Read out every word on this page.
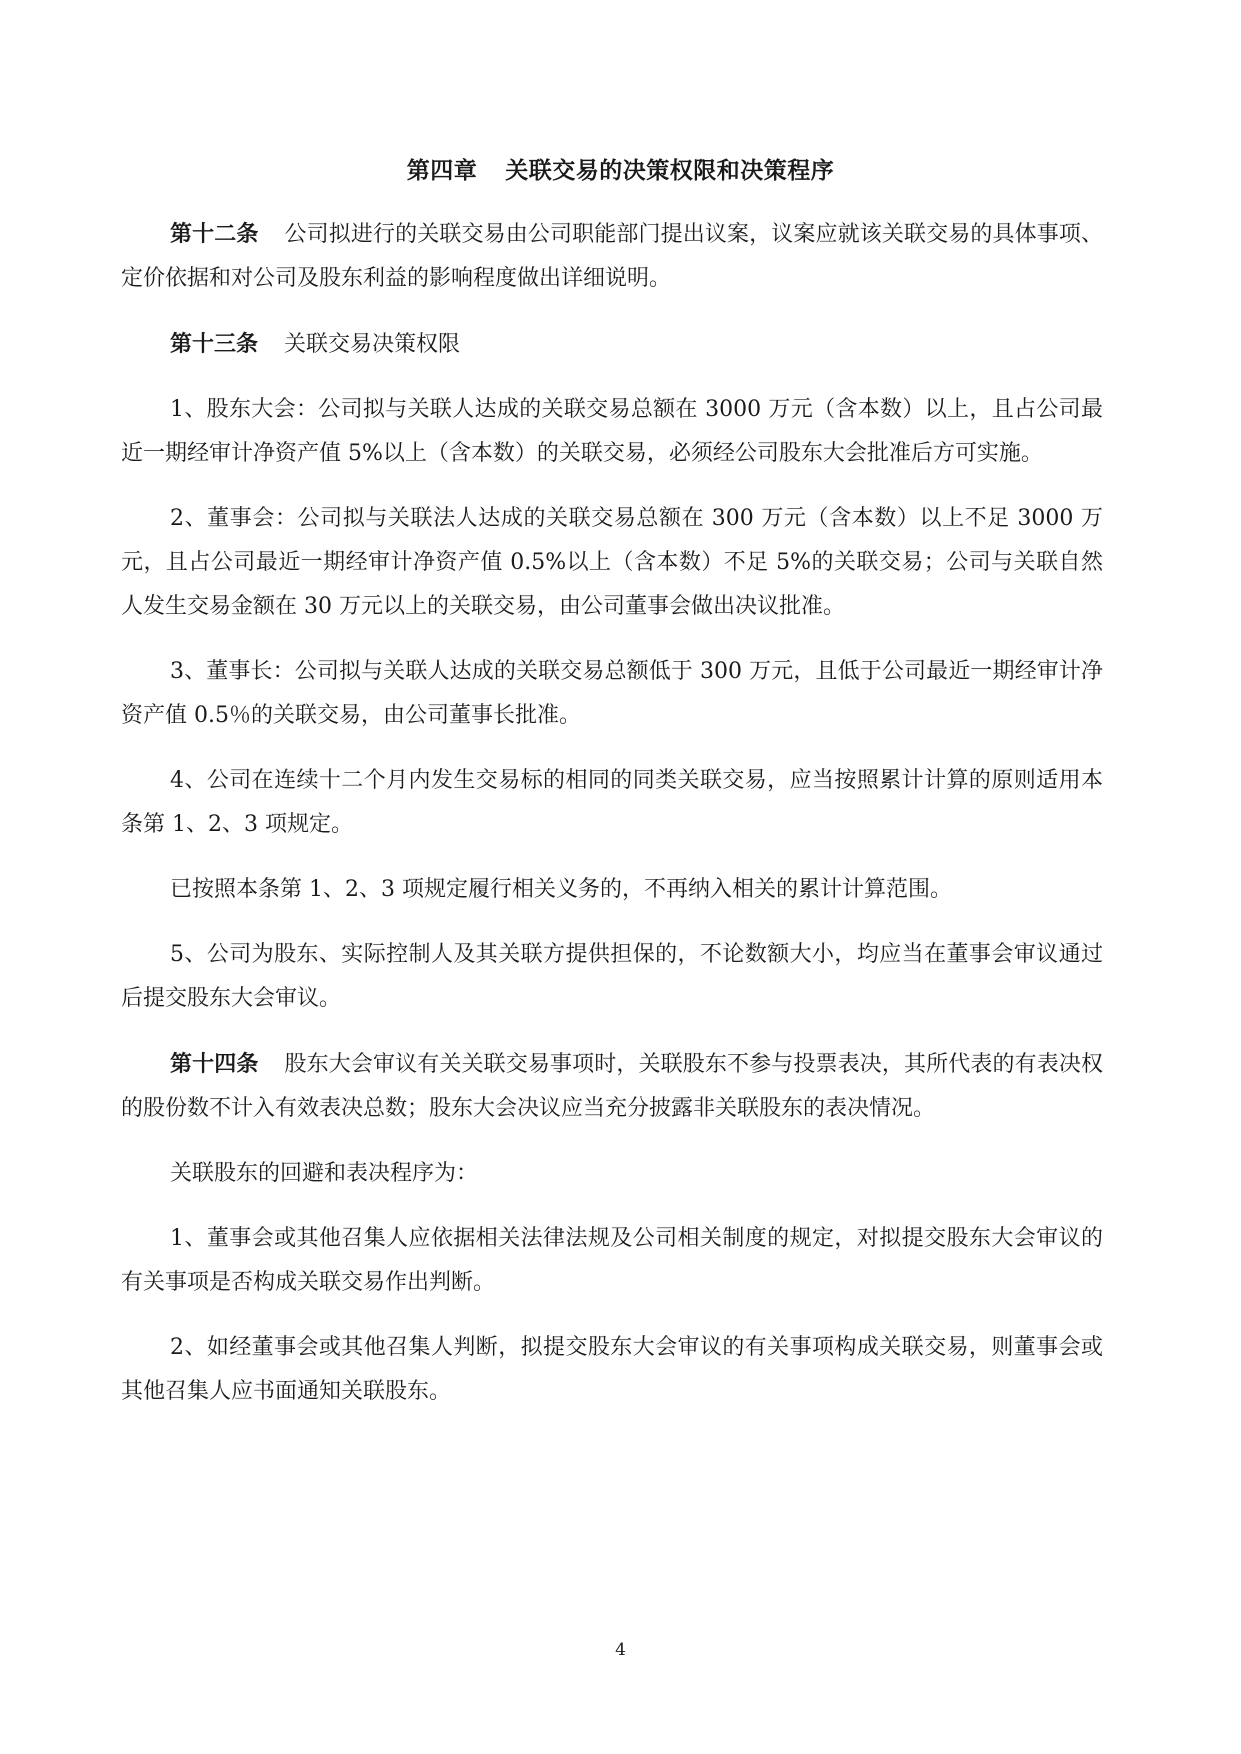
第四章 关联交易的决策权限和决策程序

第十二条 公司拟进行的关联交易由公司职能部门提出议案，议案应就该关联交易的具体事项、定价依据和对公司及股东利益的影响程度做出详细说明。

第十三条 关联交易决策权限

1、股东大会：公司拟与关联人达成的关联交易总额在 3000 万元（含本数）以上，且占公司最近一期经审计净资产值 5%以上（含本数）的关联交易，必须经公司股东大会批准后方可实施。

2、董事会：公司拟与关联法人达成的关联交易总额在 300 万元（含本数）以上不足 3000 万元，且占公司最近一期经审计净资产值 0.5%以上（含本数）不足 5%的关联交易；公司与关联自然人发生交易金额在 30 万元以上的关联交易，由公司董事会做出决议批准。

3、董事长：公司拟与关联人达成的关联交易总额低于 300 万元，且低于公司最近一期经审计净资产值 0.5％的关联交易，由公司董事长批准。

4、公司在连续十二个月内发生交易标的相同的同类关联交易，应当按照累计计算的原则适用本条第 1、2、3 项规定。

已按照本条第 1、2、3 项规定履行相关义务的，不再纳入相关的累计计算范围。

5、公司为股东、实际控制人及其关联方提供担保的，不论数额大小，均应当在董事会审议通过后提交股东大会审议。

第十四条 股东大会审议有关关联交易事项时，关联股东不参与投票表决，其所代表的有表决权的股份数不计入有效表决总数；股东大会决议应当充分披露非关联股东的表决情况。

关联股东的回避和表决程序为：

1、董事会或其他召集人应依据相关法律法规及公司相关制度的规定，对拟提交股东大会审议的有关事项是否构成关联交易作出判断。

2、如经董事会或其他召集人判断，拟提交股东大会审议的有关事项构成关联交易，则董事会或其他召集人应书面通知关联股东。

4
